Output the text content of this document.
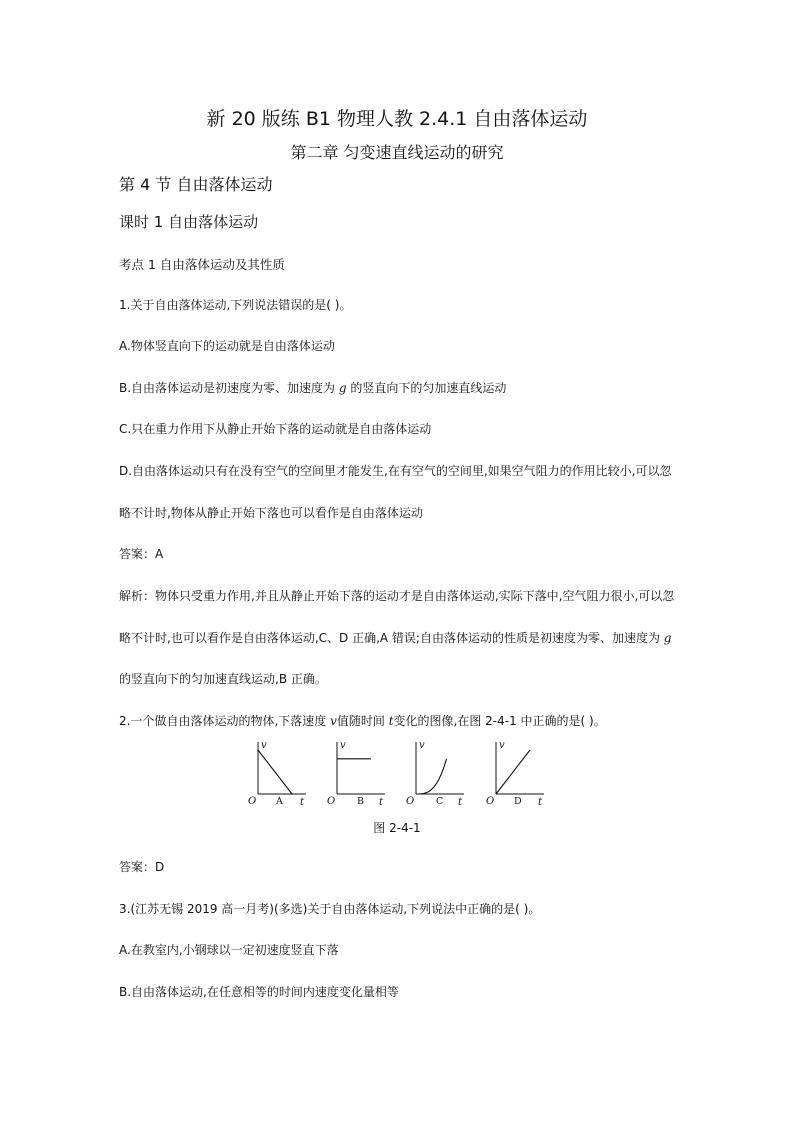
新 20 版练 B1 物理人教 2.4.1 自由落体运动
第二章 匀变速直线运动的研究
第 4 节 自由落体运动
课时 1 自由落体运动
考点 1 自由落体运动及其性质
1.关于自由落体运动,下列说法错误的是( )。
A.物体竖直向下的运动就是自由落体运动
B.自由落体运动是初速度为零、加速度为 g 的竖直向下的匀加速直线运动
C.只在重力作用下从静止开始下落的运动就是自由落体运动
D.自由落体运动只有在没有空气的空间里才能发生,在有空气的空间里,如果空气阻力的作用比较小,可以忽
略不计时,物体从静止开始下落也可以看作是自由落体运动
答案：A
解析：物体只受重力作用,并且从静止开始下落的运动才是自由落体运动,实际下落中,空气阻力很小,可以忽
略不计时,也可以看作是自由落体运动,C、D 正确,A 错误;自由落体运动的性质是初速度为零、加速度为 g
的竖直向下的匀加速直线运动,B 正确。
2.一个做自由落体运动的物体,下落速度 v值随时间 t变化的图像,在图 2-4-1 中正确的是( )。
v
t
O A
v
t
O B
v
t
O C
v
t
O D
图 2-4-1
答案：D
3.(江苏无锡 2019 高一月考)(多选)关于自由落体运动,下列说法中正确的是( )。
A.在教室内,小钢球以一定初速度竖直下落
B.自由落体运动,在任意相等的时间内速度变化量相等
